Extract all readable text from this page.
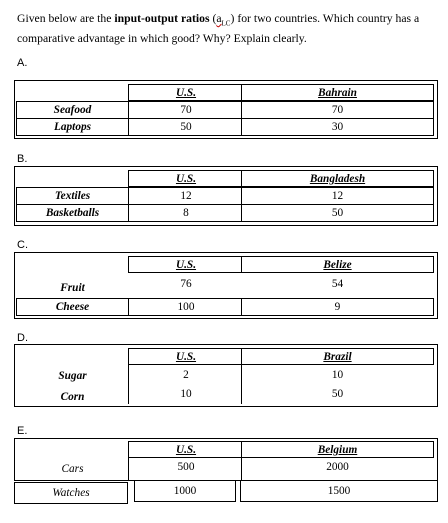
Given below are the input-output ratios $(a_{LC})$ for two countries. Which country has a
comparative advantage in which good? Why? Explain clearly.
A.
U.S.	Bahrain
Seafood	70	70
Laptops	50	30
B.
U.S.	Bangladesh
Textiles	12	12
Basketballs	8	50
C.
U.S.	Belize
Fruit	76	54
Cheese	100	9
D.
U.S.	Brazil
Sugar	2	10
Corn	10	50
E.
U.S.	Belgium
Cars	500	2000
Watches	1000	1500
